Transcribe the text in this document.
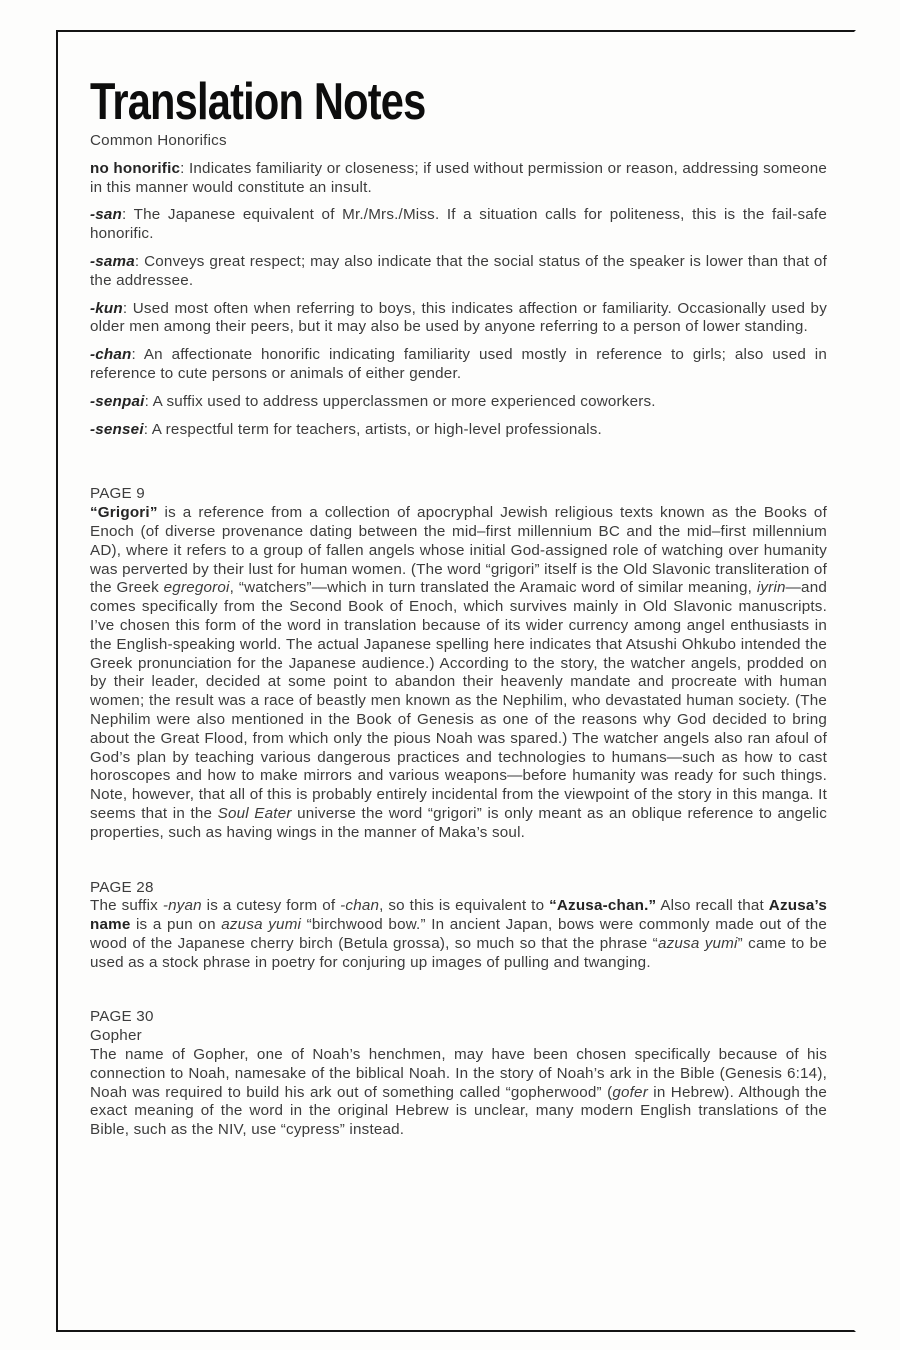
Translation Notes
Common Honorifics

no honorific: Indicates familiarity or closeness; if used without permission or reason, addressing someone in this manner would constitute an insult.

-san: The Japanese equivalent of Mr./Mrs./Miss. If a situation calls for politeness, this is the fail-safe honorific.

-sama: Conveys great respect; may also indicate that the social status of the speaker is lower than that of the addressee.

-kun: Used most often when referring to boys, this indicates affection or familiarity. Occasionally used by older men among their peers, but it may also be used by anyone referring to a person of lower standing.

-chan: An affectionate honorific indicating familiarity used mostly in reference to girls; also used in reference to cute persons or animals of either gender.

-senpai: A suffix used to address upperclassmen or more experienced coworkers.

-sensei: A respectful term for teachers, artists, or high-level professionals.

PAGE 9

“Grigori” is a reference from a collection of apocryphal Jewish religious texts known as the Books of Enoch (of diverse provenance dating between the mid–first millennium BC and the mid–first millennium AD), where it refers to a group of fallen angels whose initial God-assigned role of watching over humanity was perverted by their lust for human women. (The word “grigori” itself is the Old Slavonic transliteration of the Greek egregoroi, “watchers”—which in turn translated the Aramaic word of similar meaning, iyrin—and comes specifically from the Second Book of Enoch, which survives mainly in Old Slavonic manuscripts. I’ve chosen this form of the word in translation because of its wider currency among angel enthusiasts in the English-speaking world. The actual Japanese spelling here indicates that Atsushi Ohkubo intended the Greek pronunciation for the Japanese audience.) According to the story, the watcher angels, prodded on by their leader, decided at some point to abandon their heavenly mandate and procreate with human women; the result was a race of beastly men known as the Nephilim, who devastated human society. (The Nephilim were also mentioned in the Book of Genesis as one of the reasons why God decided to bring about the Great Flood, from which only the pious Noah was spared.) The watcher angels also ran afoul of God’s plan by teaching various dangerous practices and technologies to humans—such as how to cast horoscopes and how to make mirrors and various weapons—before humanity was ready for such things. Note, however, that all of this is probably entirely incidental from the viewpoint of the story in this manga. It seems that in the Soul Eater universe the word “grigori” is only meant as an oblique reference to angelic properties, such as having wings in the manner of Maka’s soul.

PAGE 28

The suffix -nyan is a cutesy form of -chan, so this is equivalent to “Azusa-chan.” Also recall that Azusa’s name is a pun on azusa yumi “birchwood bow.” In ancient Japan, bows were commonly made out of the wood of the Japanese cherry birch (Betula grossa), so much so that the phrase “azusa yumi” came to be used as a stock phrase in poetry for conjuring up images of pulling and twanging.

PAGE 30
Gopher

The name of Gopher, one of Noah’s henchmen, may have been chosen specifically because of his connection to Noah, namesake of the biblical Noah. In the story of Noah’s ark in the Bible (Genesis 6:14), Noah was required to build his ark out of something called “gopherwood” (gofer in Hebrew). Although the exact meaning of the word in the original Hebrew is unclear, many modern English translations of the Bible, such as the NIV, use “cypress” instead.
